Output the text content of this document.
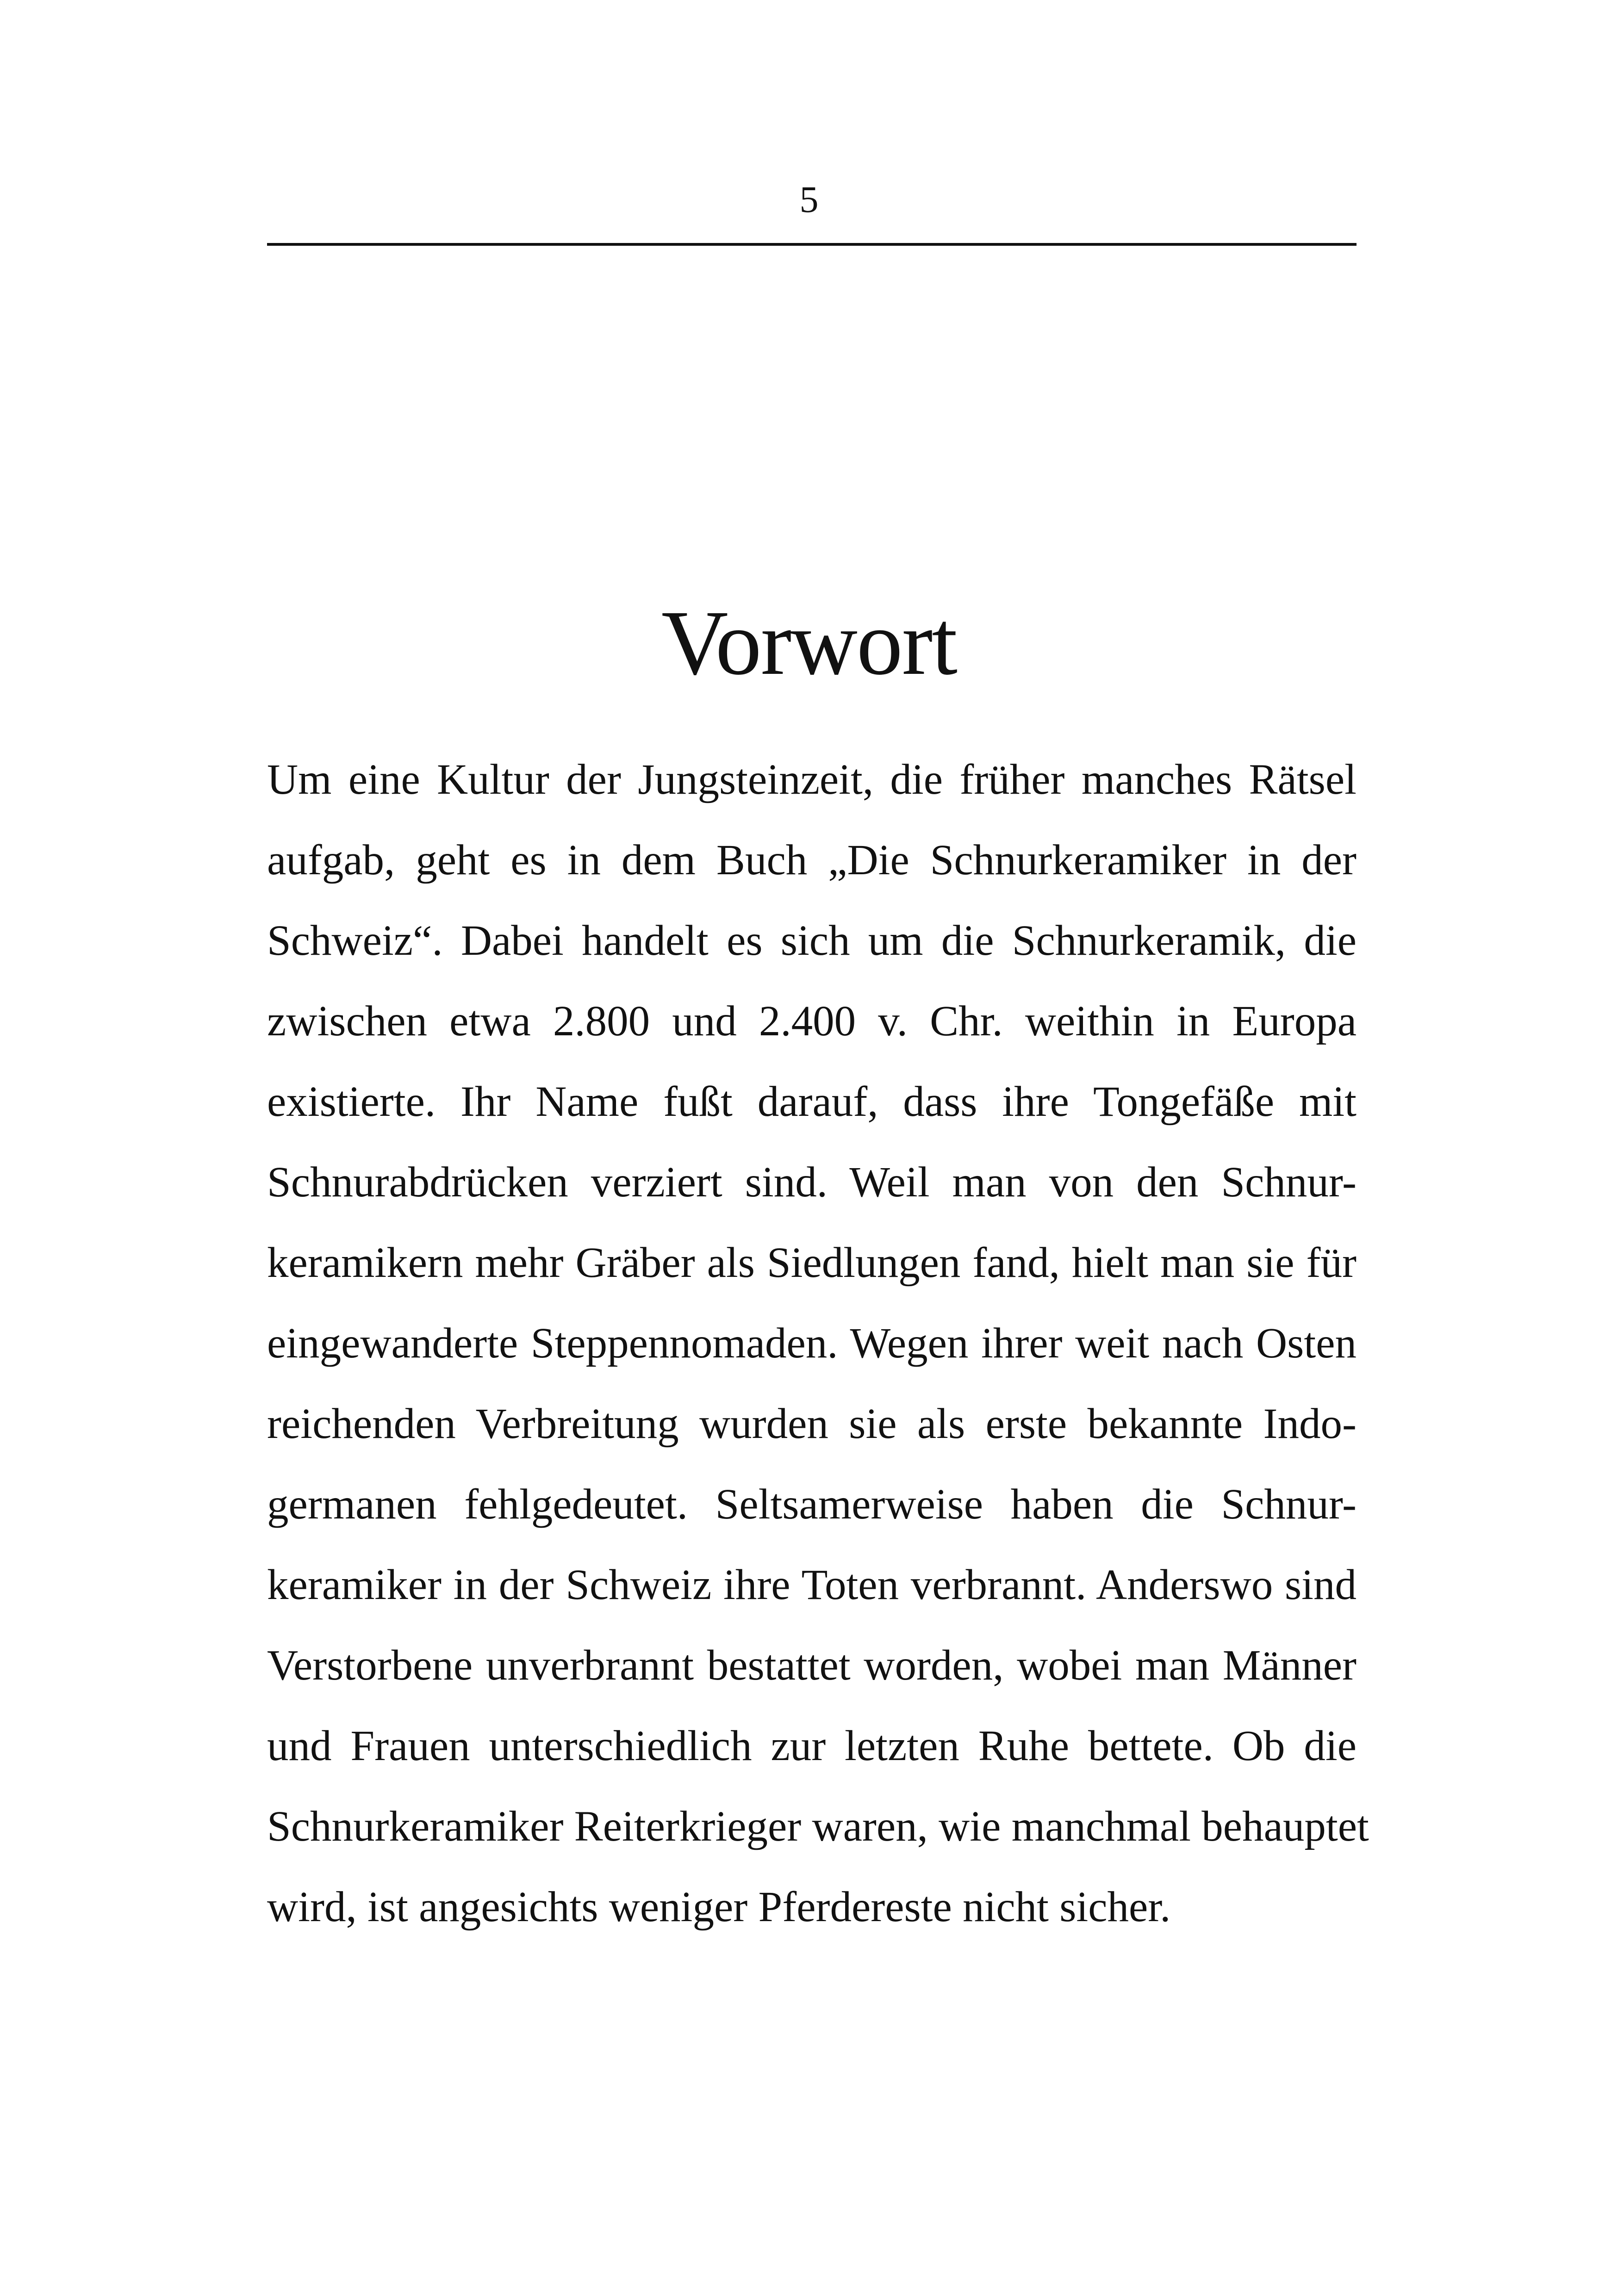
5
Vorwort
Um eine Kultur der Jungsteinzeit, die früher manches Rätsel
aufgab, geht es in dem Buch „Die Schnurkeramiker in der
Schweiz“. Dabei handelt es sich um die Schnurkeramik, die
zwischen etwa 2.800 und 2.400 v. Chr. weithin in Europa
existierte. Ihr Name fußt darauf, dass ihre Tongefäße mit
Schnurabdrücken verziert sind. Weil man von den Schnur-
keramikern mehr Gräber als Siedlungen fand, hielt man sie für
eingewanderte Steppennomaden. Wegen ihrer weit nach Osten
reichenden Verbreitung wurden sie als erste bekannte Indo-
germanen fehlgedeutet. Seltsamerweise haben die Schnur-
keramiker in der Schweiz ihre Toten verbrannt. Anderswo sind
Verstorbene unverbrannt bestattet worden, wobei man Männer
und Frauen unterschiedlich zur letzten Ruhe bettete. Ob die
Schnurkeramiker Reiterkrieger waren, wie manchmal behauptet
wird, ist angesichts weniger Pferdereste nicht sicher.
